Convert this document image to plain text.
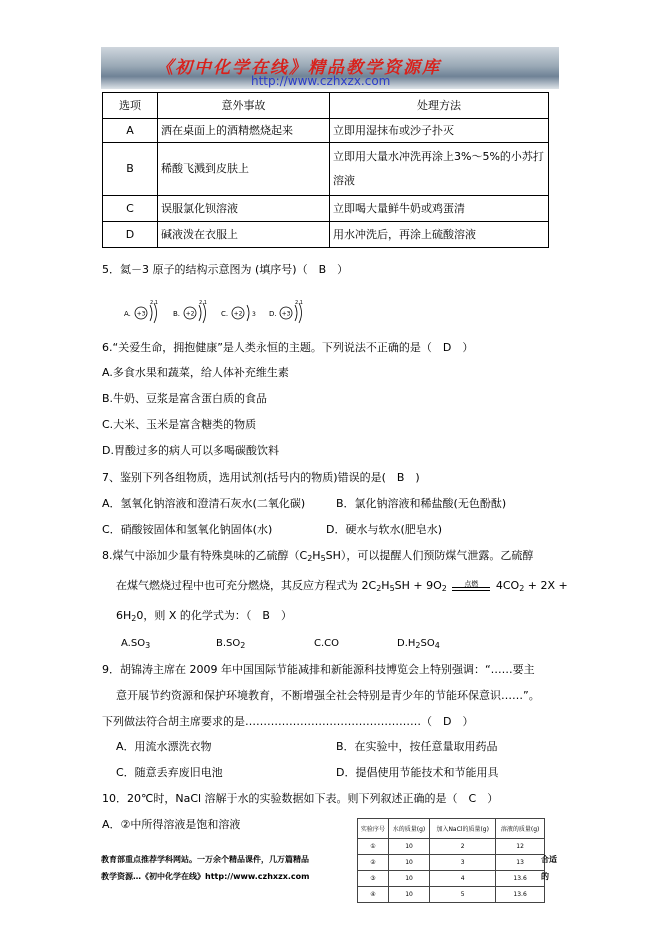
《初中化学在线》精品教学资源库
http://www.czhxzx.com
选项	意外事故	处理方法
A	洒在桌面上的酒精燃烧起来	立即用湿抹布或沙子扑灭
B	稀酸飞溅到皮肤上	立即用大量水冲洗再涂上3%～5%的小苏打溶液
C	误服氯化钡溶液	立即喝大量鲜牛奶或鸡蛋清
D	碱液泼在衣服上	用水冲洗后，再涂上硫酸溶液
5．氦－3 原子的结构示意图为 (填序号)（　B　）
A. +3
2 1
B. +2
2 1
C. +2 3 D. +3
2 1
6.“关爱生命，拥抱健康”是人类永恒的主题。下列说法不正确的是（　D　）
A.多食水果和蔬菜，给人体补充维生素
B.牛奶、豆浆是富含蛋白质的食品
C.大米、玉米是富含糖类的物质
D.胃酸过多的病人可以多喝碳酸饮料
7、鉴别下列各组物质，选用试剂(括号内的物质)错误的是(　B　)
A．氢氧化钠溶液和澄清石灰水(二氧化碳)	B．氯化钠溶液和稀盐酸(无色酚酞)
C．硝酸铵固体和氢氧化钠固体(水)	D．硬水与软水(肥皂水)
8.煤气中添加少量有特殊臭味的乙硫醇$(C_2H_5SH)$，可以提醒人们预防煤气泄露。乙硫醇
在煤气燃烧过程中也可充分燃烧，其反应方程式为 $2C_2H_5SH + 9O_2$	点燃	$4CO_2 + 2X$ +
$6H_20$，则 X 的化学式为：（　B　）
$A.SO_3$	$B.SO_2$	C.CO	$D.H_2SO_4$
9．胡锦涛主席在 2009 年中国国际节能减排和新能源科技博览会上特别强调：“……要主
意开展节约资源和保护环境教育，不断增强全社会特别是青少年的节能环保意识……”。
下列做法符合胡主席要求的是…………………………………………（　D　）
A．用流水漂洗衣物	B．在实验中，按任意量取用药品
C．随意丢弃废旧电池	D．提倡使用节能技术和节能用具
10．20℃时，NaCl 溶解于水的实验数据如下表。则下列叙述正确的是（　C　）
A．②中所得溶液是饱和溶液	实验序号	水的质量(g)	加入NaCl的质量(g)	溶液的质量(g)
①	10	2	12
②	10	3	13
③	10	4	13.6
④	10	5	13.6
教育部重点推荐学科网站。一万余个精品课件，几万篇精品	合适的
教学资源…《初中化学在线》http://www.czhxzx.com
